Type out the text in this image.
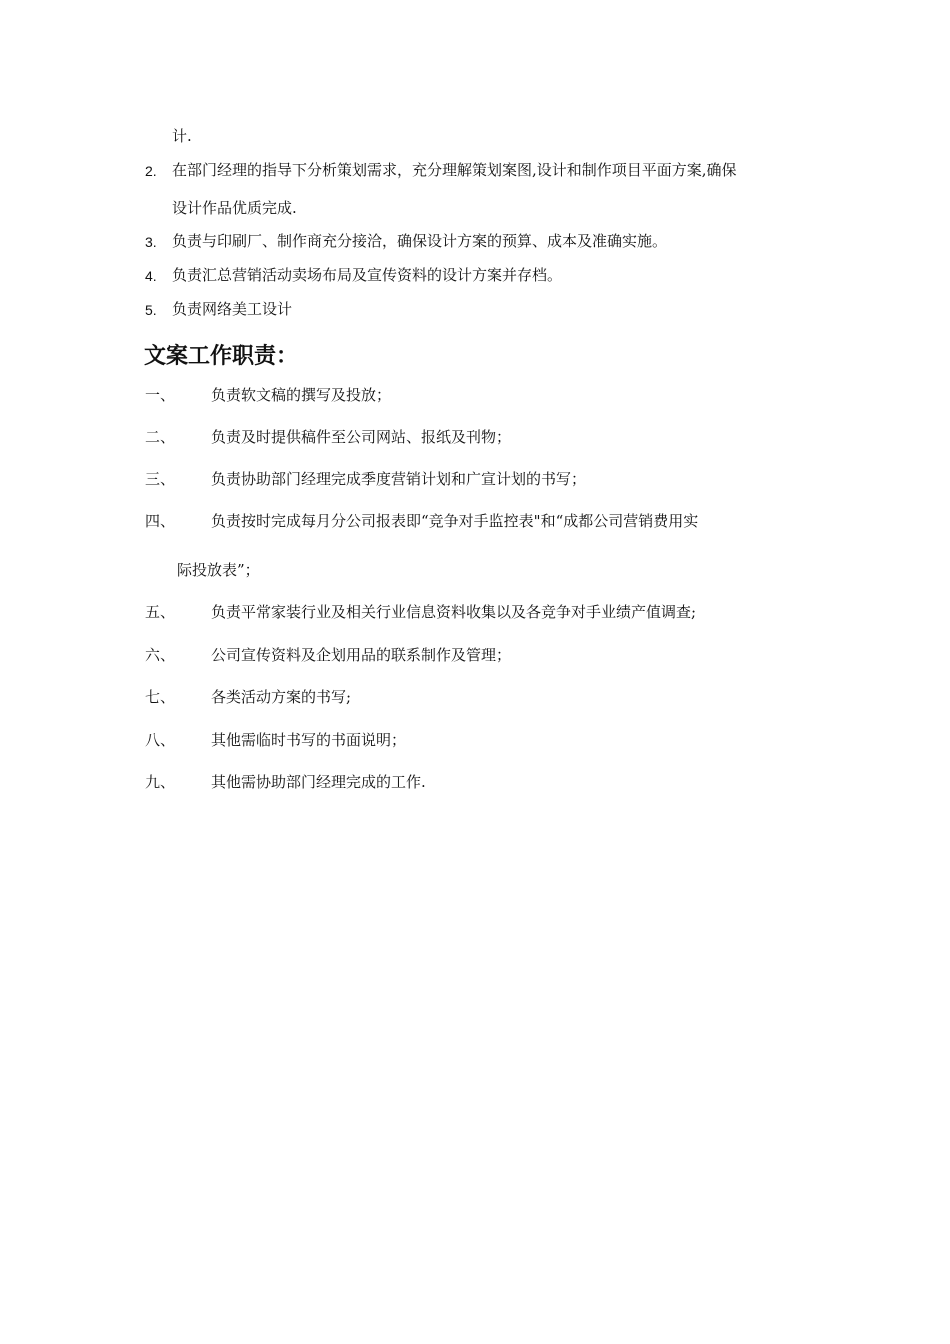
计.
2. 在部门经理的指导下分析策划需求，充分理解策划案图,设计和制作项目平面方案,确保
设计作品优质完成.
3. 负责与印刷厂、制作商充分接洽，确保设计方案的预算、成本及准确实施。
4. 负责汇总营销活动卖场布局及宣传资料的设计方案并存档。
5. 负责网络美工设计
文案工作职责：
一、 负责软文稿的撰写及投放；
二、 负责及时提供稿件至公司网站、报纸及刊物；
三、 负责协助部门经理完成季度营销计划和广宣计划的书写；
四、 负责按时完成每月分公司报表即“竞争对手监控表"和“成都公司营销费用实
际投放表”；
五、 负责平常家装行业及相关行业信息资料收集以及各竞争对手业绩产值调查;
六、 公司宣传资料及企划用品的联系制作及管理；
七、 各类活动方案的书写;
八、 其他需临时书写的书面说明；
九、 其他需协助部门经理完成的工作.
